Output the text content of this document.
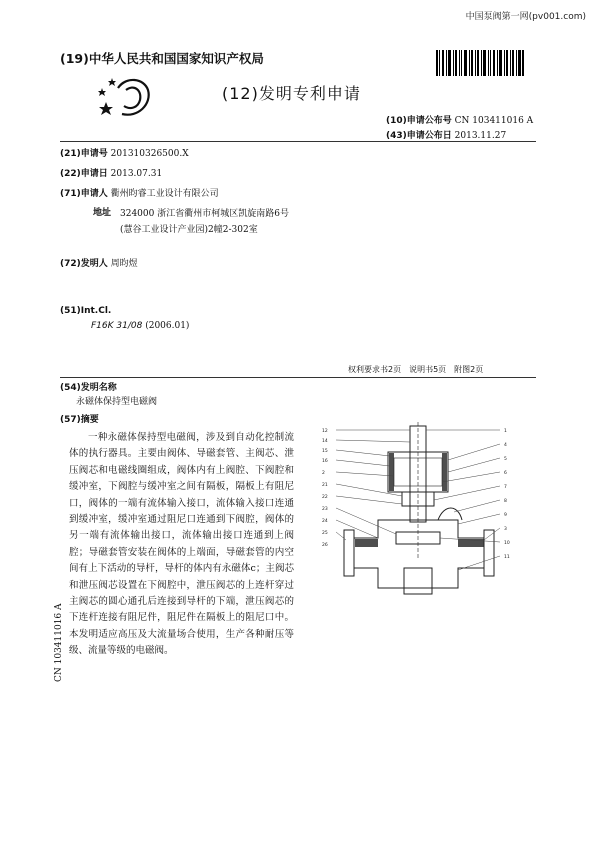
中国泵阀第一网(pv001.com)
(19)中华人民共和国国家知识产权局
(12)发明专利申请
(10)申请公布号 CN 103411016 A
(43)申请公布日 2013.11.27
(21)申请号 201310326500.X
(22)申请日 2013.07.31
(71)申请人 衢州昀睿工业设计有限公司
地址 324000 浙江省衢州市柯城区凯旋南路6号(慧谷工业设计产业园)2幢2-302室
(72)发明人 周昀煜
(51)Int.Cl.
F16K 31/08 (2006.01)
权利要求书2页　说明书5页　附图2页
(54)发明名称
永磁体保持型电磁阀
(57)摘要
一种永磁体保持型电磁阀，涉及到自动化控制流体的执行器具。主要由阀体、导磁套管、主阀芯、泄压阀芯和电磁线圈组成，阀体内有上阀腔、下阀腔和缓冲室，下阀腔与缓冲室之间有隔板，隔板上有阻尼口，阀体的一端有流体输入接口，流体输入接口连通到缓冲室，缓冲室通过阻尼口连通到下阀腔，阀体的另一端有流体输出接口，流体输出接口连通到上阀腔；导磁套管安装在阀体的上端面，导磁套管的内空间有上下活动的导杆，导杆的体内有永磁体c；主阀芯和泄压阀芯设置在下阀腔中，泄压阀芯的上连杆穿过主阀芯的圆心通孔后连接到导杆的下端，泄压阀芯的下连杆连接有阻尼件，阻尼件在隔板上的阻尼口中。本发明适应高压及大流量场合使用，生产各种耐压等级、流量等级的电磁阀。
CN 103411016 A
12
14
15
16
2
21
22
23
24
25
26
1
4
5
6
7
8
9
3
10
11
